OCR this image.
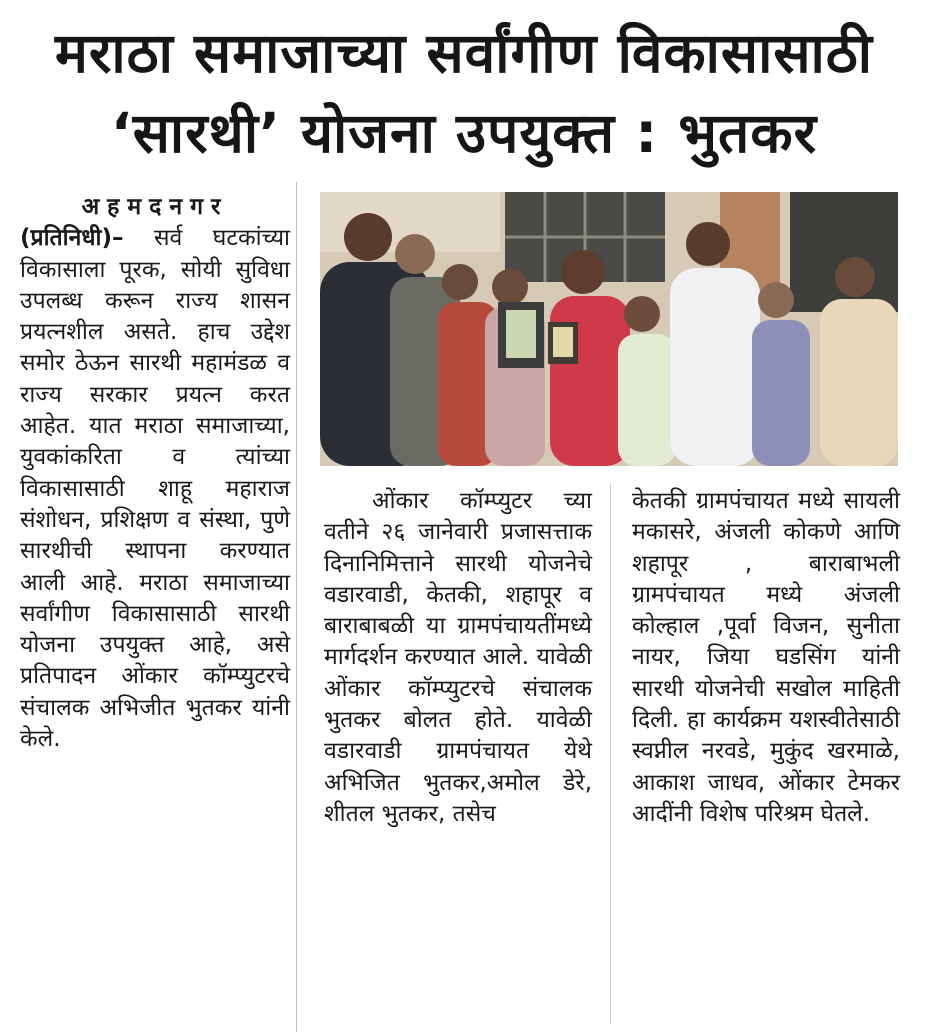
मराठा समाजाच्या सर्वांगीण विकासासाठी
‘सारथी’ योजना उपयुक्त : भुतकर
अहमदनगर

(प्रतिनिधी)– सर्व घटकांच्या विकासाला पूरक, सोयी सुविधा उपलब्ध करून राज्य शासन प्रयत्नशील असते. हाच उद्देश समोर ठेऊन सारथी महामंडळ व राज्य सरकार प्रयत्न करत आहेत. यात मराठा समाजाच्या, युवकांकरिता व त्यांच्या विकासासाठी शाहू महाराज संशोधन, प्रशिक्षण व संस्था, पुणे सारथीची स्थापना करण्यात आली आहे. मराठा समाजाच्या सर्वांगीण विकासासाठी सारथी योजना उपयुक्त आहे, असे प्रतिपादन ओंकार कॉम्प्युटरचे संचालक अभिजीत भुतकर यांनी केले.

ओंकार कॉम्प्युटर च्या वतीने २६ जानेवारी प्रजासत्ताक दिनानिमित्ताने सारथी योजनेचे वडारवाडी, केतकी, शहापूर व बाराबाबळी या ग्रामपंचायतींमध्ये मार्गदर्शन करण्यात आले. यावेळी ओंकार कॉम्प्युटरचे संचालक भुतकर बोलत होते. यावेळी वडारवाडी ग्रामपंचायत येथे अभिजित भुतकर,अमोल डेरे, शीतल भुतकर, तसेच

केतकी ग्रामपंचायत मध्ये सायली मकासरे, अंजली कोकणे आणि शहापूर , बाराबाभली ग्रामपंचायत मध्ये अंजली कोल्हाल ,पूर्वा विजन, सुनीता नायर, जिया घडसिंग यांनी सारथी योजनेची सखोल माहिती दिली. हा कार्यक्रम यशस्वीतेसाठी स्वप्नील नरवडे, मुकुंद खरमाळे, आकाश जाधव, ओंकार टेमकर आदींनी विशेष परिश्रम घेतले.
